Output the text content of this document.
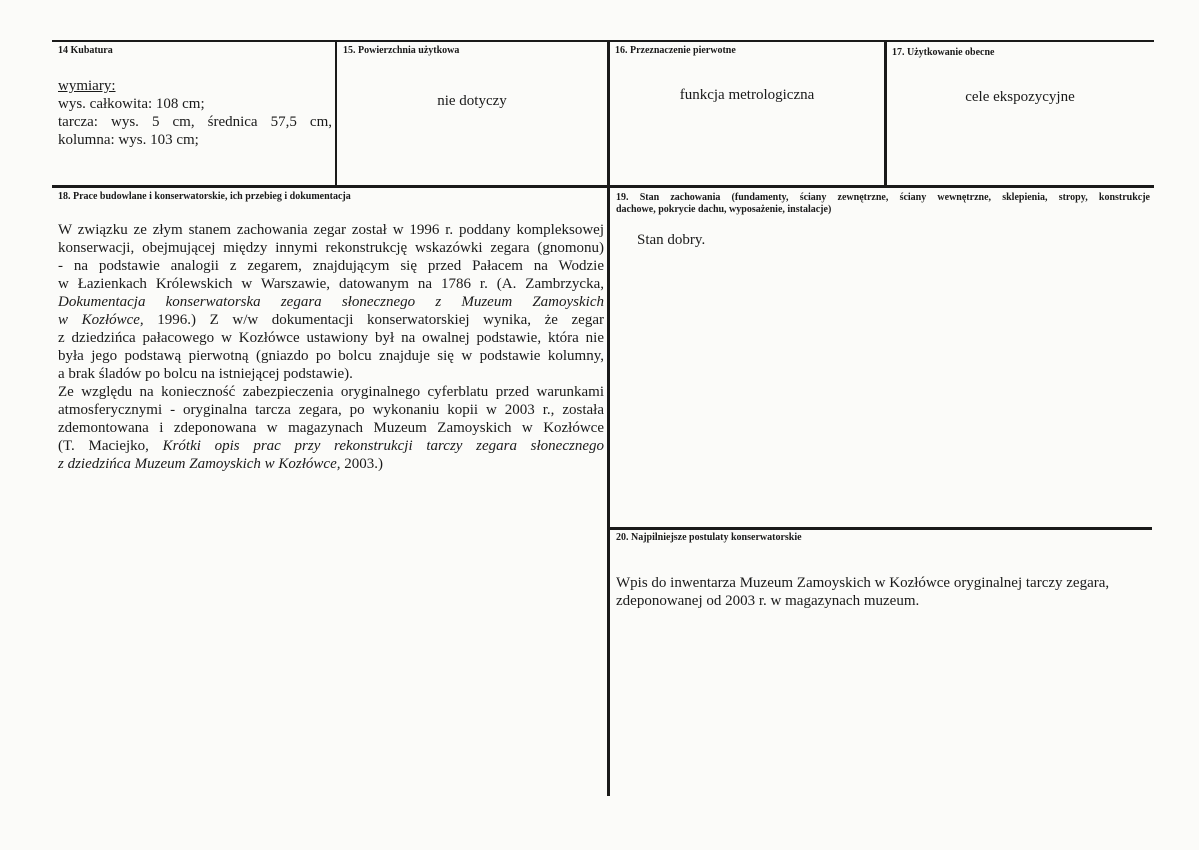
14 Kubatura
wymiary:
wys. całkowita: 108 cm;
tarcza: wys. 5 cm, średnica 57,5 cm,
kolumna: wys. 103 cm;
15. Powierzchnia użytkowa
nie dotyczy
16. Przeznaczenie pierwotne
funkcja metrologiczna
17. Użytkowanie obecne
cele ekspozycyjne
18. Prace budowlane i konserwatorskie, ich przebieg i dokumentacja
W związku ze złym stanem zachowania zegar został w 1996 r. poddany kompleksowej
konserwacji, obejmującej między innymi rekonstrukcję wskazówki zegara (gnomonu)
- na podstawie analogii z zegarem, znajdującym się przed Pałacem na Wodzie
w Łazienkach Królewskich w Warszawie, datowanym na 1786 r. (A. Zambrzycka,
Dokumentacja konserwatorska zegara słonecznego z Muzeum Zamoyskich
w Kozłówce, 1996.) Z w/w dokumentacji konserwatorskiej wynika, że zegar
z dziedzińca pałacowego w Kozłówce ustawiony był na owalnej podstawie, która nie
była jego podstawą pierwotną (gniazdo po bolcu znajduje się w podstawie kolumny,
a brak śladów po bolcu na istniejącej podstawie).
Ze względu na konieczność zabezpieczenia oryginalnego cyferblatu przed warunkami
atmosferycznymi - oryginalna tarcza zegara, po wykonaniu kopii w 2003 r., została
zdemontowana i zdeponowana w magazynach Muzeum Zamoyskich w Kozłówce
(T. Maciejko, Krótki opis prac przy rekonstrukcji tarczy zegara słonecznego
z dziedzińca Muzeum Zamoyskich w Kozłówce, 2003.)
19. Stan zachowania (fundamenty, ściany zewnętrzne, ściany wewnętrzne, sklepienia, stropy, konstrukcje
dachowe, pokrycie dachu, wyposażenie, instalacje)
Stan dobry.
20. Najpilniejsze postulaty konserwatorskie
Wpis do inwentarza Muzeum Zamoyskich w Kozłówce oryginalnej tarczy zegara,
zdeponowanej od 2003 r. w magazynach muzeum.
